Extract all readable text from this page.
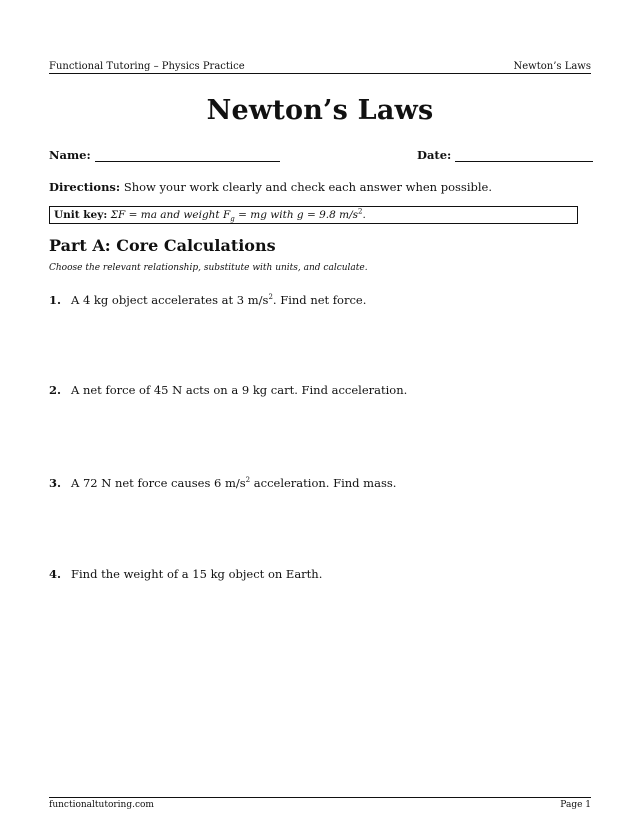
Functional Tutoring – Physics Practice	Newton’s Laws
Newton’s Laws
Name:	Date:
Directions: Show your work clearly and check each answer when possible.
Unit key: ΣF = ma and weight $F_g$ = mg with g = 9.8 $m/s^2$.
Part A: Core Calculations
Choose the relevant relationship, substitute with units, and calculate.
1. A 4 kg object accelerates at 3 $m/s^2$. Find net force.
2. A net force of 45 N acts on a 9 kg cart. Find acceleration.
3. A 72 N net force causes 6 $m/s^2$ acceleration. Find mass.
4. Find the weight of a 15 kg object on Earth.
functionaltutoring.com	Page 1
